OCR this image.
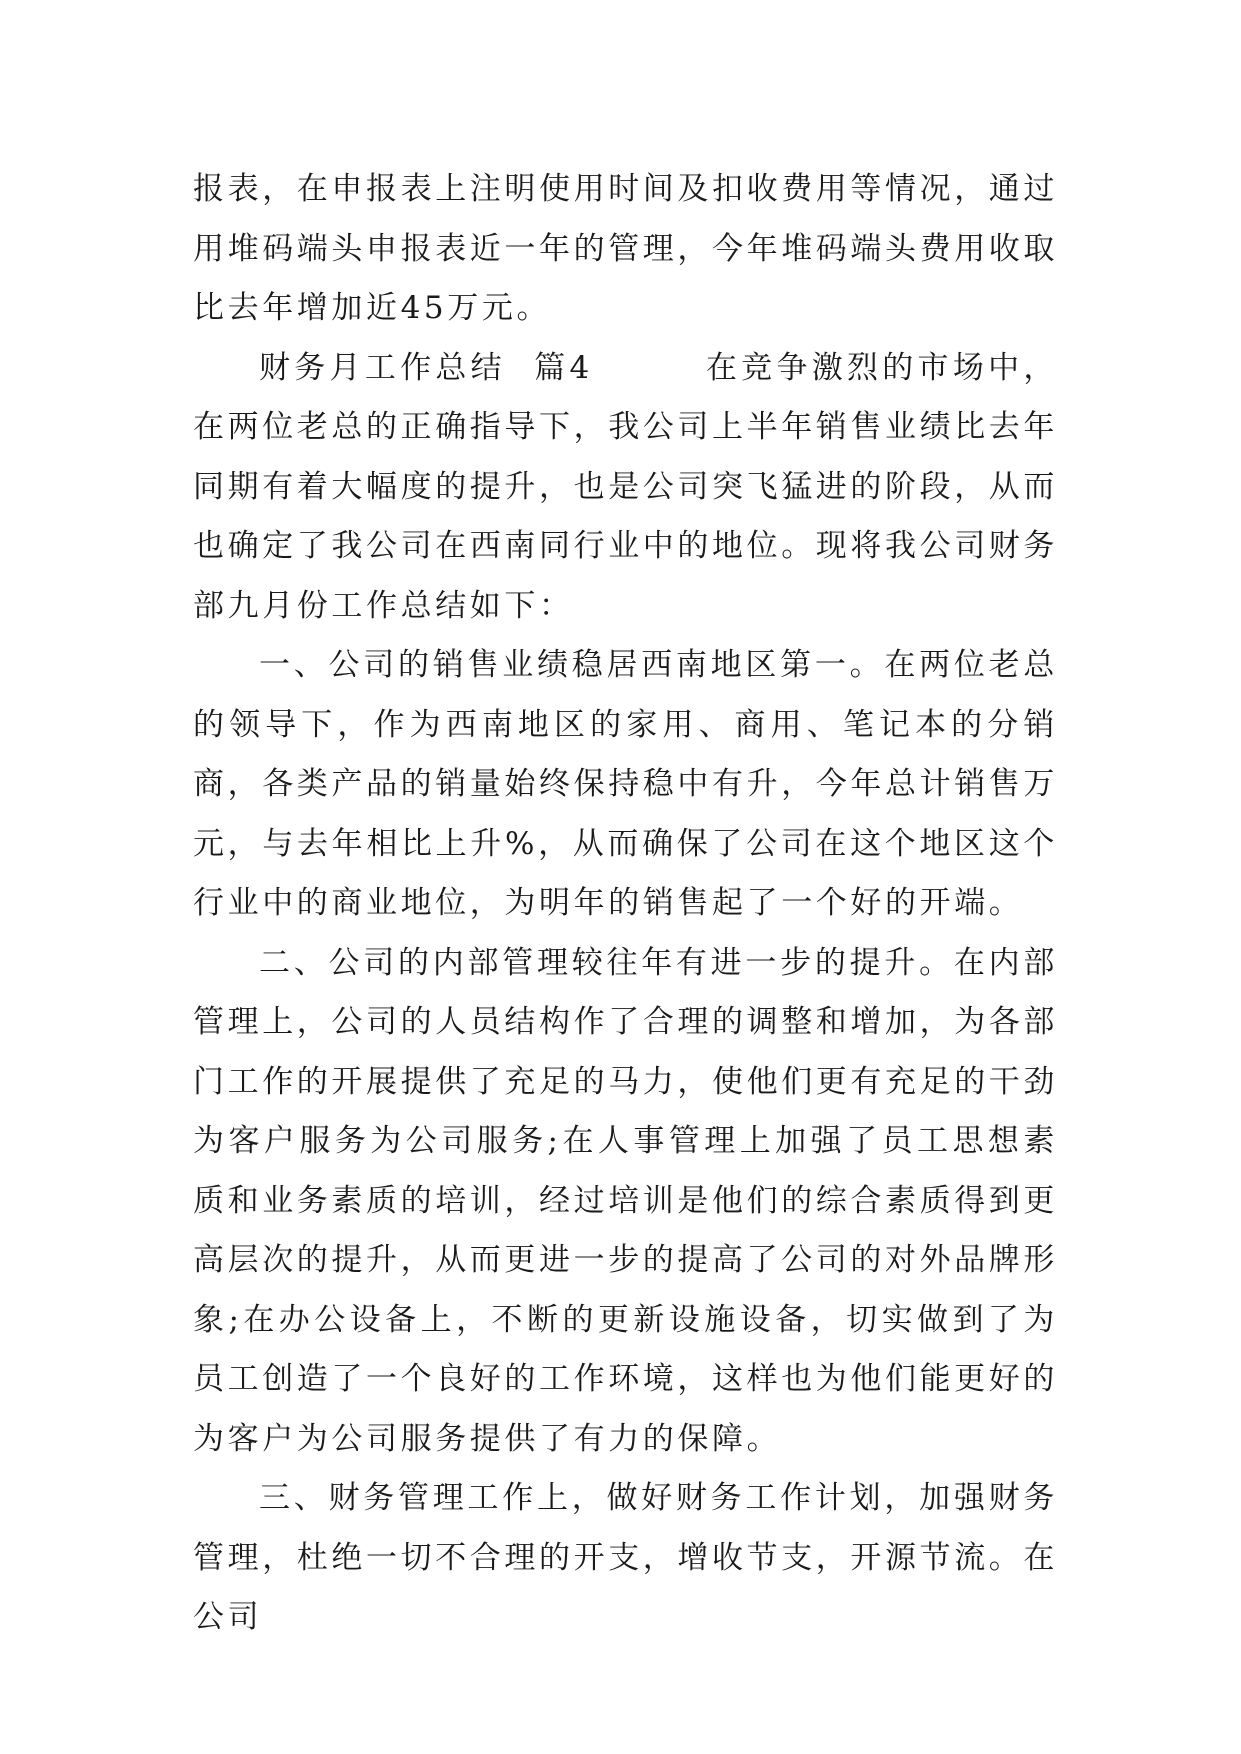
报表，在申报表上注明使用时间及扣收费用等情况，通过用堆码端头申报表近一年的管理，今年堆码端头费用收取比去年增加近45万元。

财务月工作总结  篇4        在竞争激烈的市场中，在两位老总的正确指导下，我公司上半年销售业绩比去年同期有着大幅度的提升，也是公司突飞猛进的阶段，从而也确定了我公司在西南同行业中的地位。现将我公司财务部九月份工作总结如下：

一、公司的销售业绩稳居西南地区第一。在两位老总的领导下，作为西南地区的家用、商用、笔记本的分销商，各类产品的销量始终保持稳中有升，今年总计销售万元，与去年相比上升%，从而确保了公司在这个地区这个行业中的商业地位，为明年的销售起了一个好的开端。

二、公司的内部管理较往年有进一步的提升。在内部管理上，公司的人员结构作了合理的调整和增加，为各部门工作的开展提供了充足的马力，使他们更有充足的干劲为客户服务为公司服务;在人事管理上加强了员工思想素质和业务素质的培训，经过培训是他们的综合素质得到更高层次的提升，从而更进一步的提高了公司的对外品牌形象;在办公设备上，不断的更新设施设备，切实做到了为员工创造了一个良好的工作环境，这样也为他们能更好的为客户为公司服务提供了有力的保障。

三、财务管理工作上，做好财务工作计划，加强财务管理，杜绝一切不合理的开支，增收节支，开源节流。在公司
